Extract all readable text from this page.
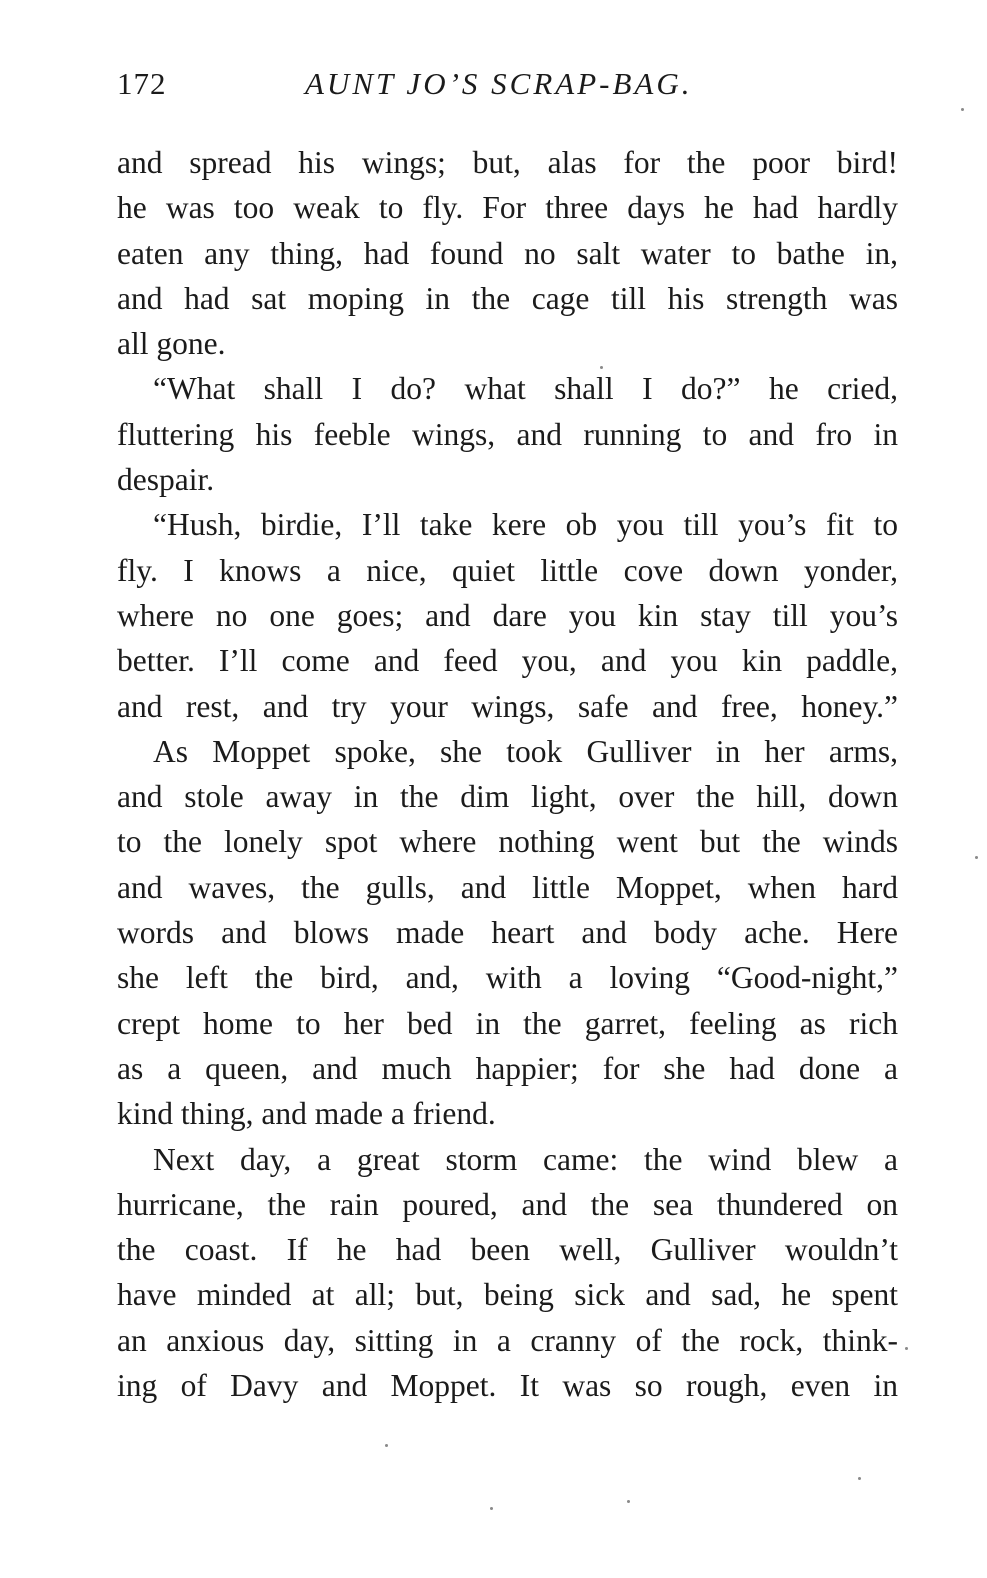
172	AUNT JO’S SCRAP-BAG.
and spread his wings; but, alas for the poor bird!
he was too weak to fly. For three days he had hardly
eaten any thing, had found no salt water to bathe in,
and had sat moping in the cage till his strength was
all gone.
“What shall I do? what shall I do?” he cried,
fluttering his feeble wings, and running to and fro in
despair.
“Hush, birdie, I’ll take kere ob you till you’s fit to
fly. I knows a nice, quiet little cove down yonder,
where no one goes; and dare you kin stay till you’s
better. I’ll come and feed you, and you kin paddle,
and rest, and try your wings, safe and free, honey.”
As Moppet spoke, she took Gulliver in her arms,
and stole away in the dim light, over the hill, down
to the lonely spot where nothing went but the winds
and waves, the gulls, and little Moppet, when hard
words and blows made heart and body ache. Here
she left the bird, and, with a loving “Good-night,”
crept home to her bed in the garret, feeling as rich
as a queen, and much happier; for she had done a
kind thing, and made a friend.
Next day, a great storm came: the wind blew a
hurricane, the rain poured, and the sea thundered on
the coast. If he had been well, Gulliver wouldn’t
have minded at all; but, being sick and sad, he spent
an anxious day, sitting in a cranny of the rock, think-
ing of Davy and Moppet. It was so rough, even in
